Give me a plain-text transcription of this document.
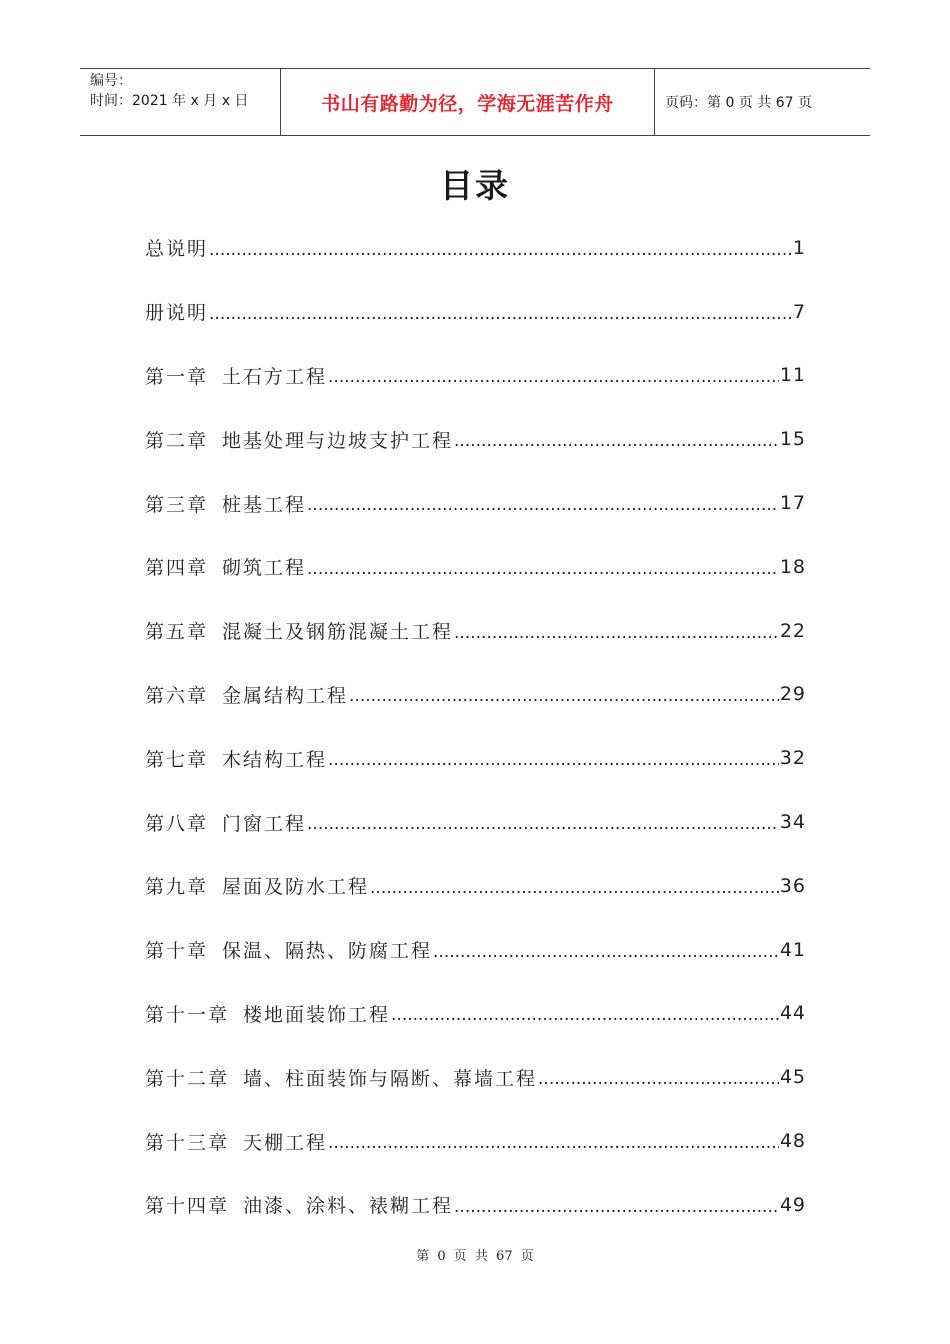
编号：
时间：2021 年 x 月 x 日	书山有路勤为径，学海无涯苦作舟	页码：第 0 页 共 67 页
目录
总说明 .....	1
册说明 .....	7
第一章 土石方工程 .....	11
第二章 地基处理与边坡支护工程 .....	15
第三章 桩基工程 .....	17
第四章 砌筑工程 .....	18
第五章 混凝土及钢筋混凝土工程 .....	22
第六章 金属结构工程 .....	29
第七章 木结构工程 .....	32
第八章 门窗工程 .....	34
第九章 屋面及防水工程 .....	36
第十章 保温、隔热、防腐工程 .....	41
第十一章 楼地面装饰工程 .....	44
第十二章 墙、柱面装饰与隔断、幕墙工程 .....	45
第十三章 天棚工程 .....	48
第十四章 油漆、涂料、裱糊工程 .....	49
第 0 页 共 67 页
